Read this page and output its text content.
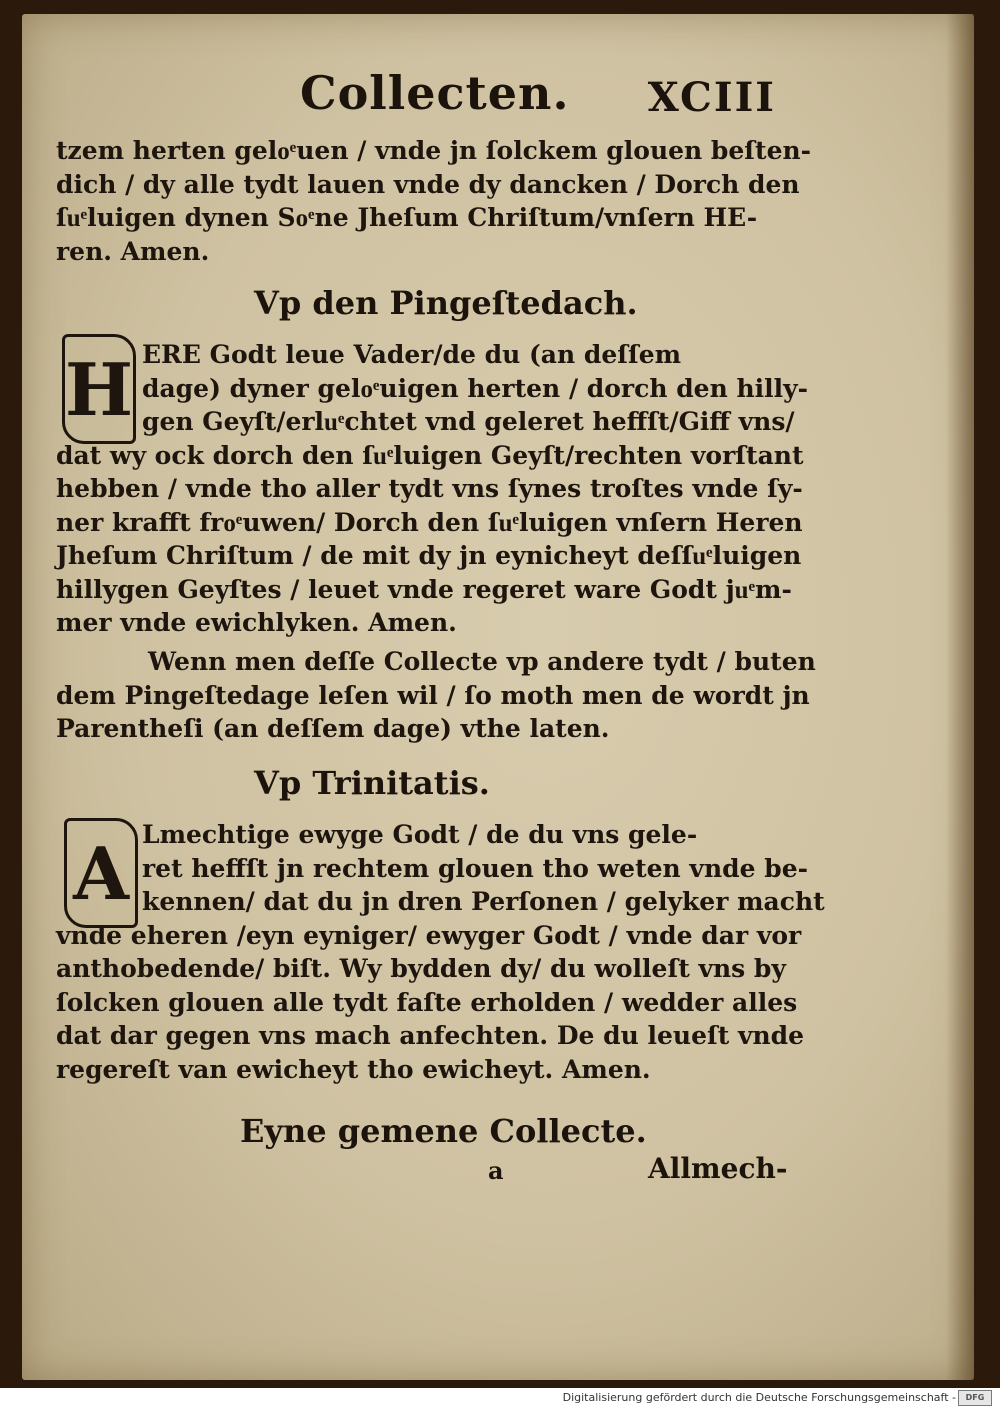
Collecten. XCIII
tzem herten geloͤuen / vnde jn ſolckem glouen beſten-
dich / dy alle tydt lauen vnde dy dancken / Dorch den
ſuͤluigen dynen Soͤne Jheſum Chriſtum/vnſern HE-
ren. Amen.
Vp den Pingeſtedach.
H ERE Godt leue Vader/de du (an deſſem
dage) dyner geloͤuigen herten / dorch den hilly-
gen Geyſt/erluͤchtet vnd geleret heffſt/Giff vns/
dat wy ock dorch den ſuͤluigen Geyſt/rechten vorſtant
hebben / vnde tho aller tydt vns ſynes troſtes vnde ſy-
ner krafft froͤuwen/ Dorch den ſuͤluigen vnſern Heren
Jheſum Chriſtum / de mit dy jn eynicheyt deſſuͤluigen
hillygen Geyſtes / leuet vnde regeret ware Godt juͤm-
mer vnde ewichlyken. Amen.
Wenn men deſſe Collecte vp andere tydt / buten
dem Pingeſtedage leſen wil / ſo moth men de wordt jn
Parentheſi (an deſſem dage) vthe laten.
Vp Trinitatis.
A Lmechtige ewyge Godt / de du vns gele-
ret heffſt jn rechtem glouen tho weten vnde be-
kennen/ dat du jn dren Perſonen / gelyker macht
vnde eheren /eyn eyniger/ ewyger Godt / vnde dar vor
anthobedende/ biſt. Wy bydden dy/ du wolleſt vns by
ſolcken glouen alle tydt faſte erholden / wedder alles
dat dar gegen vns mach anfechten. De du leueſt vnde
regereſt van ewicheyt tho ewicheyt. Amen.
Eyne gemene Collecte.
a	Allmech-
Digitalisierung gefördert durch die Deutsche Forschungsgemeinschaft -	DFG
